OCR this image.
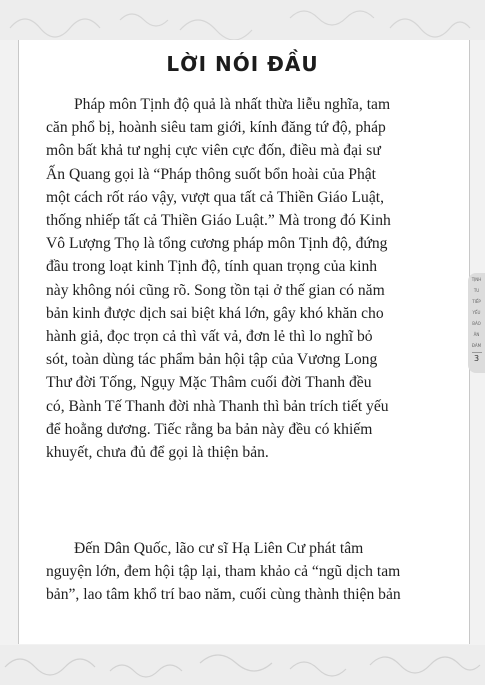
LỜI NÓI ĐẦU
Pháp môn Tịnh độ quả là nhất thừa liễu nghĩa, tam
căn phổ bị, hoành siêu tam giới, kính đăng tứ độ, pháp
môn bất khả tư nghị cực viên cực đốn, điều mà đại sư
Ấn Quang gọi là “Pháp thông suốt bổn hoài của Phật
một cách rốt ráo vậy, vượt qua tất cả Thiền Giáo Luật,
thống nhiếp tất cả Thiền Giáo Luật.” Mà trong đó Kinh
Vô Lượng Thọ là tổng cương pháp môn Tịnh độ, đứng
đầu trong loạt kinh Tịnh độ, tính quan trọng của kinh
này không nói cũng rõ. Song tồn tại ở thế gian có năm
bản kinh được dịch sai biệt khá lớn, gây khó khăn cho
hành giả, đọc trọn cả thì vất vả, đơn lẻ thì lo nghĩ bỏ
sót, toàn dùng tác phẩm bản hội tập của Vương Long
Thư đời Tống, Ngụy Mặc Thâm cuối đời Thanh đều
có, Bành Tế Thanh đời nhà Thanh thì bản trích tiết yếu
để hoằng dương. Tiếc rằng ba bản này đều có khiếm
khuyết, chưa đủ để gọi là thiện bản.
Đến Dân Quốc, lão cư sĩ Hạ Liên Cư phát tâm
nguyện lớn, đem hội tập lại, tham khảo cả “ngũ dịch tam
bản”, lao tâm khổ trí bao năm, cuối cùng thành thiện bản
TỊNH
TU
TIẾP
YẾU
BÁO
ÂN
ĐÀM
3
